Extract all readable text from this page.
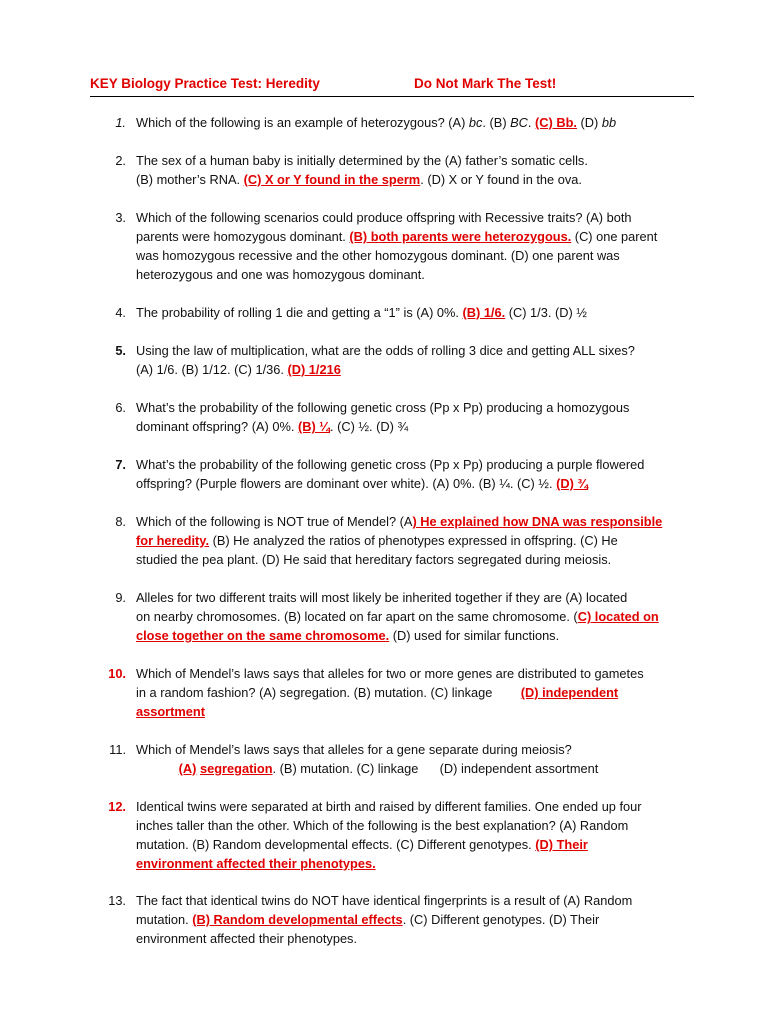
KEY Biology Practice Test: Heredity	Do Not Mark The Test!
1. Which of the following is an example of heterozygous? (A) bc. (B) BC. (C) Bb. (D) bb
2. The sex of a human baby is initially determined by the (A) father’s somatic cells.
(B) mother’s RNA. (C) X or Y found in the sperm. (D) X or Y found in the ova.
3. Which of the following scenarios could produce offspring with Recessive traits? (A) both
parents were homozygous dominant. (B) both parents were heterozygous. (C) one parent
was homozygous recessive and the other homozygous dominant. (D) one parent was
heterozygous and one was homozygous dominant.
4. The probability of rolling 1 die and getting a “1” is (A) 0%. (B) 1/6. (C) 1/3. (D) ½
5. Using the law of multiplication, what are the odds of rolling 3 dice and getting ALL sixes?
(A) 1/6. (B) 1/12. (C) 1/36. (D) 1/216
6. What’s the probability of the following genetic cross (Pp x Pp) producing a homozygous
dominant offspring? (A) 0%. (B) ¼. (C) ½. (D) ¾
7. What’s the probability of the following genetic cross (Pp x Pp) producing a purple flowered
offspring? (Purple flowers are dominant over white). (A) 0%. (B) ¼. (C) ½. (D) ¾
8. Which of the following is NOT true of Mendel? (A) He explained how DNA was responsible
for heredity. (B) He analyzed the ratios of phenotypes expressed in offspring. (C) He
studied the pea plant. (D) He said that hereditary factors segregated during meiosis.
9. Alleles for two different traits will most likely be inherited together if they are (A) located
on nearby chromosomes. (B) located on far apart on the same chromosome. (C) located on
close together on the same chromosome. (D) used for similar functions.
10. Which of Mendel’s laws says that alleles for two or more genes are distributed to gametes
in a random fashion? (A) segregation. (B) mutation. (C) linkage        (D) independent
assortment
11. Which of Mendel’s laws says that alleles for a gene separate during meiosis?
(A) segregation. (B) mutation. (C) linkage      (D) independent assortment
12. Identical twins were separated at birth and raised by different families. One ended up four
inches taller than the other. Which of the following is the best explanation? (A) Random
mutation. (B) Random developmental effects. (C) Different genotypes. (D) Their
environment affected their phenotypes.
13. The fact that identical twins do NOT have identical fingerprints is a result of (A) Random
mutation. (B) Random developmental effects. (C) Different genotypes. (D) Their
environment affected their phenotypes.
